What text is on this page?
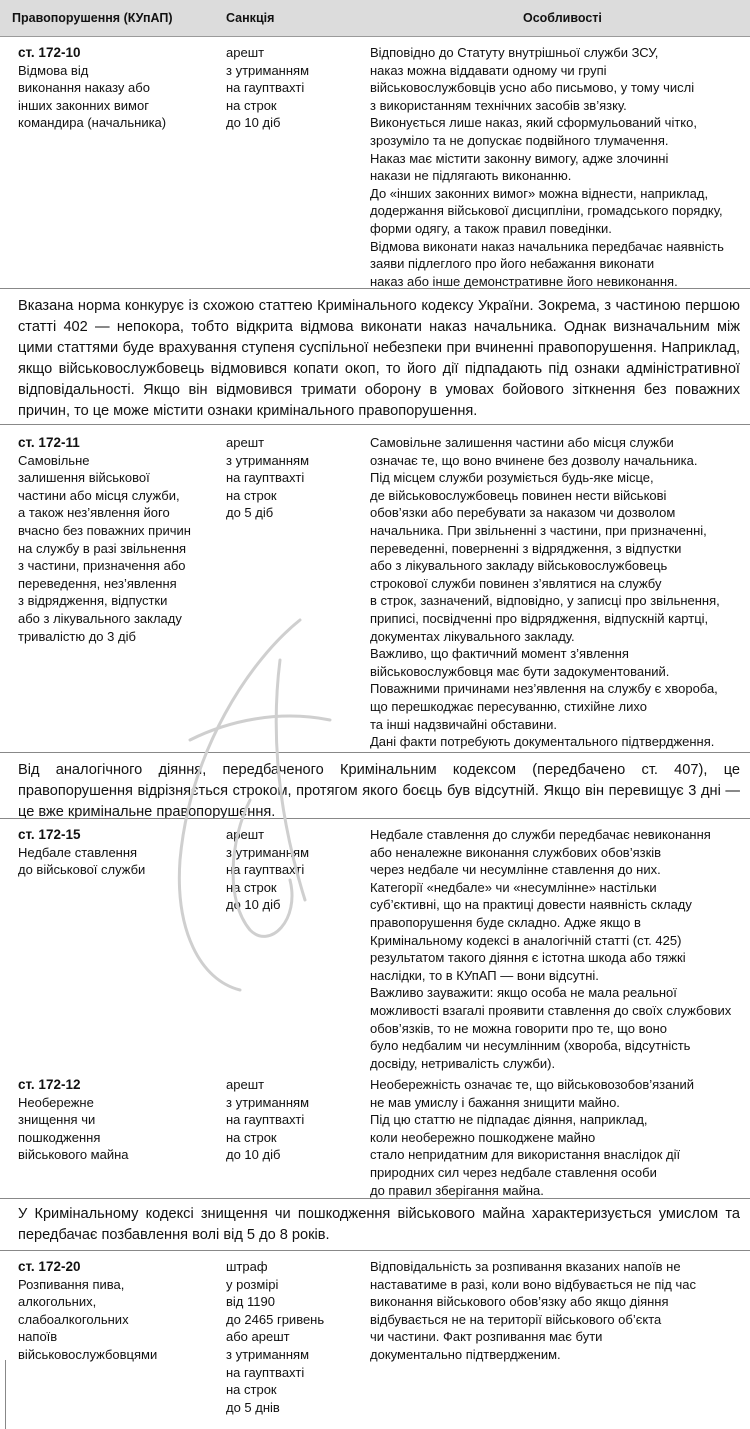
Правопорушення (КУпАП)	Санкція	Особливості
ст. 172-10
Відмова від
виконання наказу або
інших законних вимог
командира (начальника)
арешт
з утриманням
на гауптвахті
на строк
до 10 діб
Відповідно до Статуту внутрішньої служби ЗСУ,
наказ можна віддавати одному чи групі
військовослужбовців усно або письмово, у тому числі
з використанням технічних засобів зв’язку.
Виконується лише наказ, який сформульований чітко,
зрозуміло та не допускає подвійного тлумачення.
Наказ має містити законну вимогу, адже злочинні
накази не підлягають виконанню.
До «інших законних вимог» можна віднести, наприклад,
додержання військової дисципліни, громадського порядку,
форми одягу, а також правил поведінки.
Відмова виконати наказ начальника передбачає наявність
заяви підлеглого про його небажання виконати
наказ або інше демонстративне його невиконання.
Вказана норма конкурує із схожою статтею Кримінального кодексу України. Зокрема, з частиною першою статті 402 — непокора, тобто відкрита відмова виконати наказ начальника. Однак визначальним між цими статтями буде врахування ступеня суспільної небезпеки при вчиненні правопорушення. Наприклад, якщо військовослужбовець відмовився копати окоп, то його дії підпадають під ознаки адміністративної відповідальності. Якщо він відмовився тримати оборону в умовах бойового зіткнення без поважних причин, то це може містити ознаки кримінального правопорушення.
ст. 172-11
Самовільне
залишення військової
частини або місця служби,
а також нез’явлення його
вчасно без поважних причин
на службу в разі звільнення
з частини, призначення або
переведення, нез’явлення
з відрядження, відпустки
або з лікувального закладу
тривалістю до 3 діб
арешт
з утриманням
на гауптвахті
на строк
до 5 діб
Самовільне залишення частини або місця служби
означає те, що воно вчинене без дозволу начальника.
Під місцем служби розуміється будь-яке місце,
де військовослужбовець повинен нести військові
обов’язки або перебувати за наказом чи дозволом
начальника. При звільненні з частини, при призначенні,
переведенні, поверненні з відрядження, з відпустки
або з лікувального закладу військовослужбовець
строкової служби повинен з’являтися на службу
в строк, зазначений, відповідно, у записці про звільнення,
приписі, посвідченні про відрядження, відпускній картці,
документах лікувального закладу.
Важливо, що фактичний момент з’явлення
військовослужбовця має бути задокументований.
Поважними причинами нез’явлення на службу є хвороба,
що перешкоджає пересуванню, стихійне лихо
та інші надзвичайні обставини.
Дані факти потребують документального підтвердження.
Від аналогічного діяння, передбаченого Кримінальним кодексом (передбачено ст. 407), це правопорушення відрізняється строком, протягом якого боєць був відсутній. Якщо він перевищує 3 дні — це вже кримінальне правопорушення.
ст. 172-15
Недбале ставлення
до військової служби
арешт
з утриманням
на гауптвахті
на строк
до 10 діб
Недбале ставлення до служби передбачає невиконання
або неналежне виконання службових обов’язків
через недбале чи несумлінне ставлення до них.
Категорії «недбале» чи «несумлінне» настільки
суб’єктивні, що на практиці довести наявність складу
правопорушення буде складно. Адже якщо в
Кримінальному кодексі в аналогічній статті (ст. 425)
результатом такого діяння є істотна шкода або тяжкі
наслідки, то в КУпАП — вони відсутні.
Важливо зауважити: якщо особа не мала реальної
можливості взагалі проявити ставлення до своїх службових
обов’язків, то не можна говорити про те, що воно
було недбалим чи несумлінним (хвороба, відсутність
досвіду, нетривалість служби).
ст. 172-12
Необережне
знищення чи
пошкодження
військового майна
арешт
з утриманням
на гауптвахті
на строк
до 10 діб
Необережність означає те, що військовозобов’язаний
не мав умислу і бажання знищити майно.
Під цю статтю не підпадає діяння, наприклад,
коли необережно пошкоджене майно
стало непридатним для використання внаслідок дії
природних сил через недбале ставлення особи
до правил зберігання майна.
У Кримінальному кодексі знищення чи пошкодження військового майна характеризується умислом та передбачає позбавлення волі від 5 до 8 років.
ст. 172-20
Розпивання пива,
алкогольних,
слабоалкогольних
напоїв
військовослужбовцями
штраф
у розмірі
від 1190
до 2465 гривень
або арешт
з утриманням
на гауптвахті
на строк
до 5 днів
Відповідальність за розпивання вказаних напоїв не
наставатиме в разі, коли воно відбувається не під час
виконання військового обов’язку або якщо діяння
відбувається не на території військового об’єкта
чи частини. Факт розпивання має бути
документально підтвердженим.
